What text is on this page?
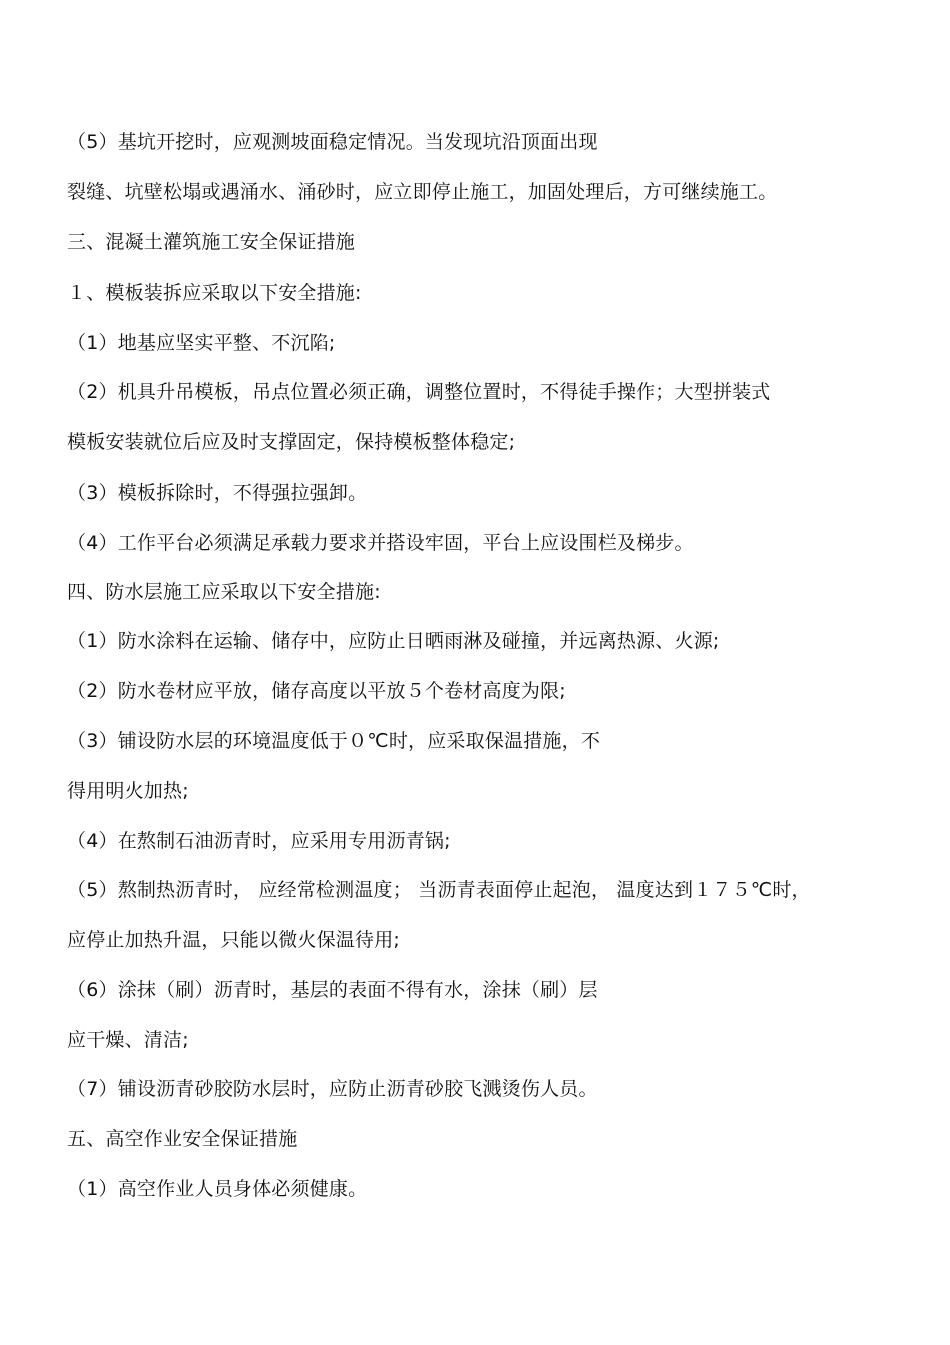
（5）基坑开挖时，应观测坡面稳定情况。当发现坑沿顶面出现
裂缝、坑壁松塌或遇涌水、涌砂时，应立即停止施工，加固处理后，方可继续施工。
三、混凝土灌筑施工安全保证措施
１、模板装拆应采取以下安全措施:
（1）地基应坚实平整、不沉陷;
（2）机具升吊模板，吊点位置必须正确，调整位置时，不得徒手操作；大型拼装式
模板安装就位后应及时支撑固定，保持模板整体稳定;
（3）模板拆除时，不得强拉强卸。
（4）工作平台必须满足承载力要求并搭设牢固，平台上应设围栏及梯步。
四、防水层施工应采取以下安全措施:
（1）防水涂料在运输、储存中，应防止日晒雨淋及碰撞，并远离热源、火源;
（2）防水卷材应平放，储存高度以平放５个卷材高度为限;
（3）铺设防水层的环境温度低于０℃时，应采取保温措施，不
得用明火加热;
（4）在熬制石油沥青时，应采用专用沥青锅;
（5）熬制热沥青时， 应经常检测温度； 当沥青表面停止起泡， 温度达到１７５℃时，
应停止加热升温，只能以微火保温待用;
（6）涂抹（刷）沥青时，基层的表面不得有水，涂抹（刷）层
应干燥、清洁;
（7）铺设沥青砂胶防水层时，应防止沥青砂胶飞溅烫伤人员。
五、高空作业安全保证措施
（1）高空作业人员身体必须健康。
